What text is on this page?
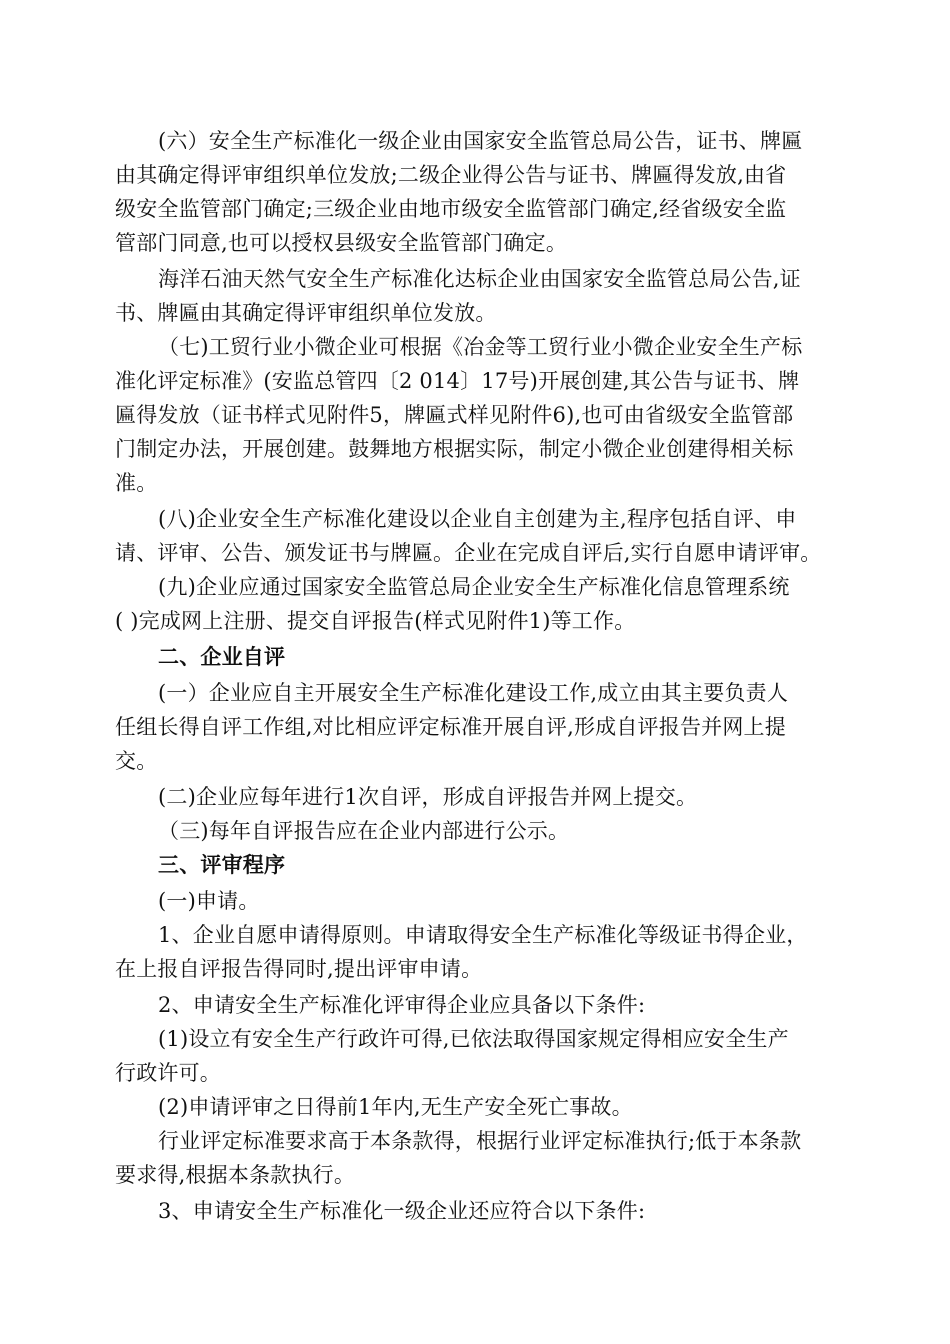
(六）安全生产标准化一级企业由国家安全监管总局公告，证书、牌匾
由其确定得评审组织单位发放;二级企业得公告与证书、牌匾得发放,由省
级安全监管部门确定;三级企业由地市级安全监管部门确定,经省级安全监
管部门同意,也可以授权县级安全监管部门确定。
海洋石油天然气安全生产标准化达标企业由国家安全监管总局公告,证
书、牌匾由其确定得评审组织单位发放。
（七)工贸行业小微企业可根据《冶金等工贸行业小微企业安全生产标
准化评定标准》(安监总管四〔2 014〕17号)开展创建,其公告与证书、牌
匾得发放（证书样式见附件5，牌匾式样见附件6),也可由省级安全监管部
门制定办法，开展创建。鼓舞地方根据实际，制定小微企业创建得相关标
准。
(八)企业安全生产标准化建设以企业自主创建为主,程序包括自评、申
请、评审、公告、颁发证书与牌匾。企业在完成自评后,实行自愿申请评审。
(九)企业应通过国家安全监管总局企业安全生产标准化信息管理系统
( )完成网上注册、提交自评报告(样式见附件1)等工作。
二、企业自评
(一）企业应自主开展安全生产标准化建设工作,成立由其主要负责人
任组长得自评工作组,对比相应评定标准开展自评,形成自评报告并网上提
交。
(二)企业应每年进行1次自评，形成自评报告并网上提交。
（三)每年自评报告应在企业内部进行公示。
三、评审程序
(一)申请。
1、企业自愿申请得原则。申请取得安全生产标准化等级证书得企业，
在上报自评报告得同时,提出评审申请。
2、申请安全生产标准化评审得企业应具备以下条件:
(1)设立有安全生产行政许可得,已依法取得国家规定得相应安全生产
行政许可。
(2)申请评审之日得前1年内,无生产安全死亡事故。
行业评定标准要求高于本条款得，根据行业评定标准执行;低于本条款
要求得,根据本条款执行。
3、申请安全生产标准化一级企业还应符合以下条件:
